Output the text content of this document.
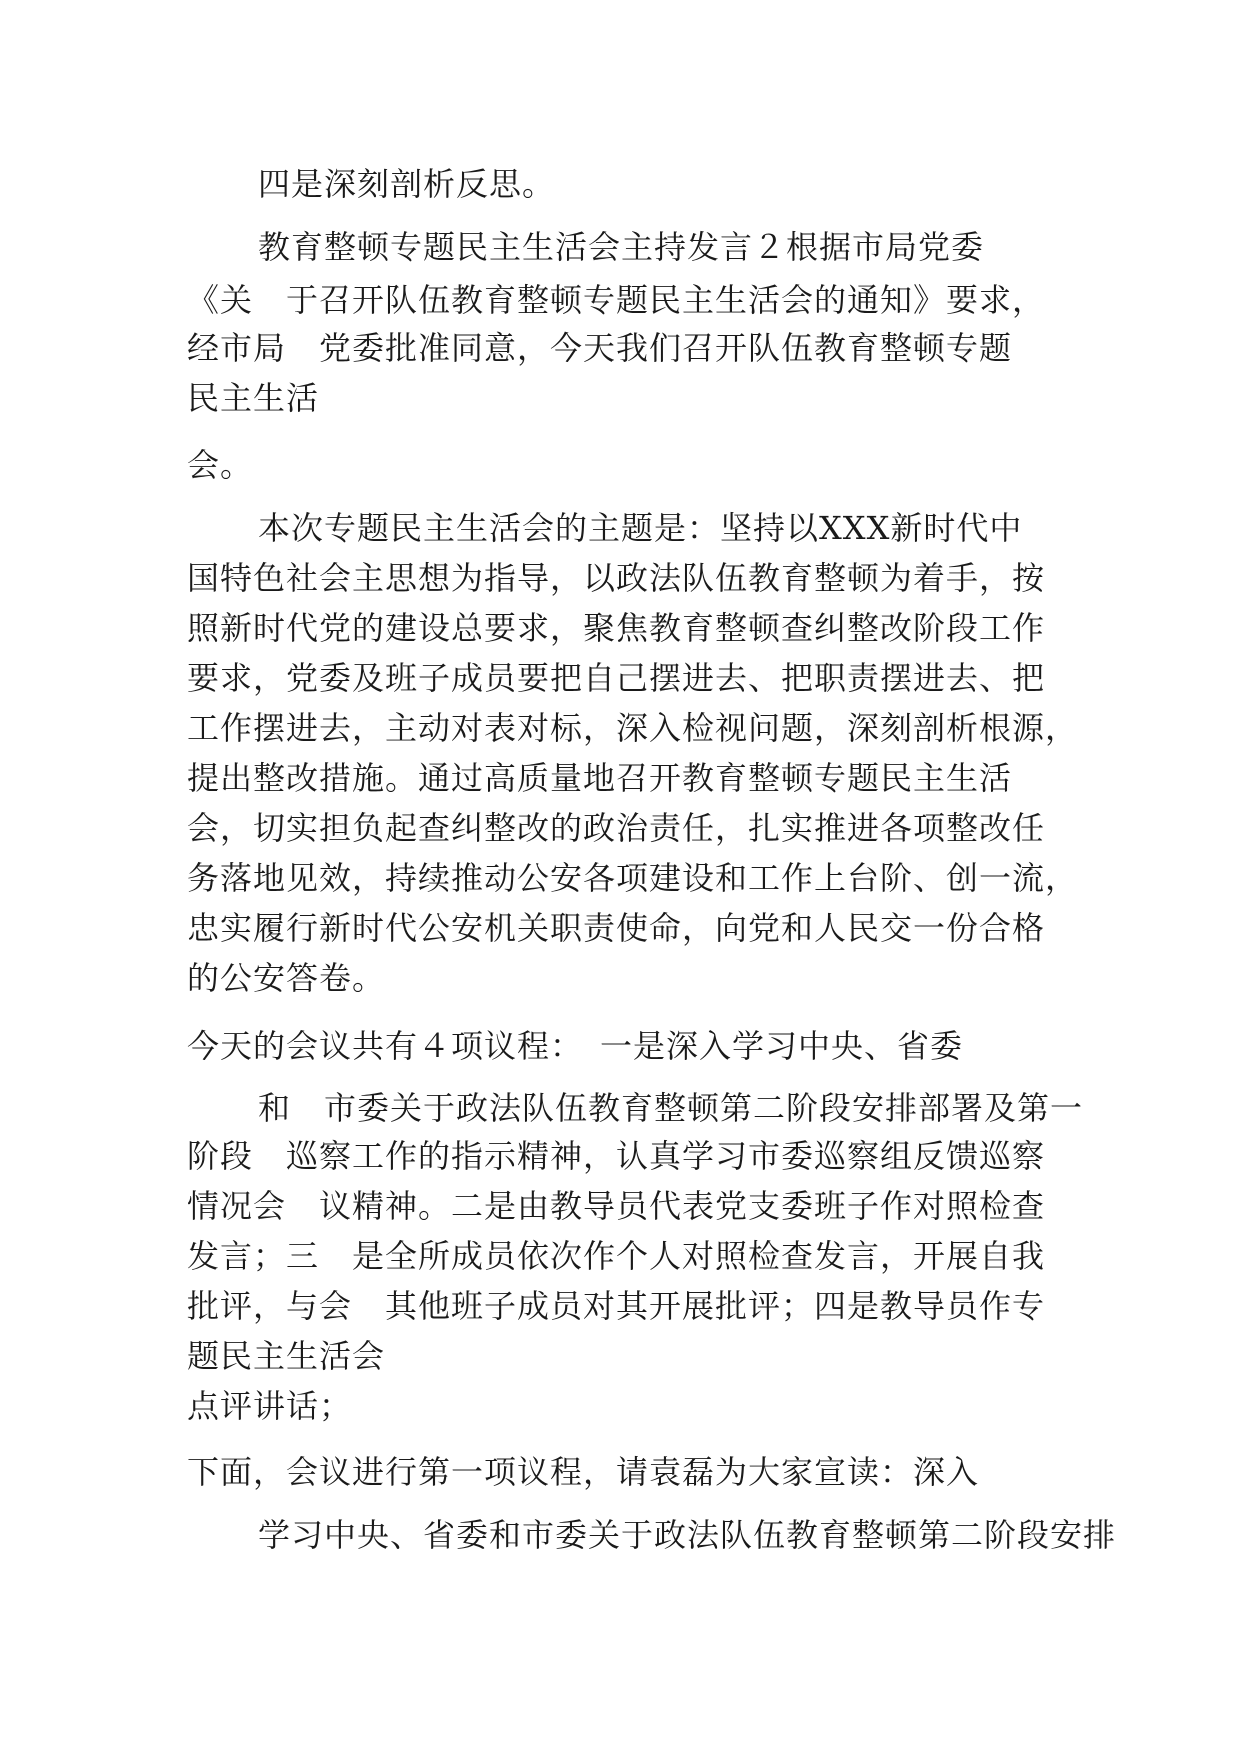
四是深刻剖析反思。
教育整顿专题民主生活会主持发言２根据市局党委
《关　于召开队伍教育整顿专题民主生活会的通知》要求，
经市局　党委批准同意，今天我们召开队伍教育整顿专题
民主生活
会。
本次专题民主生活会的主题是：坚持以XXX新时代中
国特色社会主思想为指导，以政法队伍教育整顿为着手，按
照新时代党的建设总要求，聚焦教育整顿查纠整改阶段工作
要求，党委及班子成员要把自己摆进去、把职责摆进去、把
工作摆进去，主动对表对标，深入检视问题，深刻剖析根源，
提出整改措施。通过高质量地召开教育整顿专题民主生活
会，切实担负起查纠整改的政治责任，扎实推进各项整改任
务落地见效，持续推动公安各项建设和工作上台阶、创一流，
忠实履行新时代公安机关职责使命，向党和人民交一份合格
的公安答卷。
今天的会议共有４项议程：　一是深入学习中央、省委
和　市委关于政法队伍教育整顿第二阶段安排部署及第一
阶段　巡察工作的指示精神，认真学习市委巡察组反馈巡察
情况会　议精神。二是由教导员代表党支委班子作对照检查
发言；三　是全所成员依次作个人对照检查发言，开展自我
批评，与会　其他班子成员对其开展批评；四是教导员作专
题民主生活会
点评讲话；
下面，会议进行第一项议程，请袁磊为大家宣读：深入
学习中央、省委和市委关于政法队伍教育整顿第二阶段安排
